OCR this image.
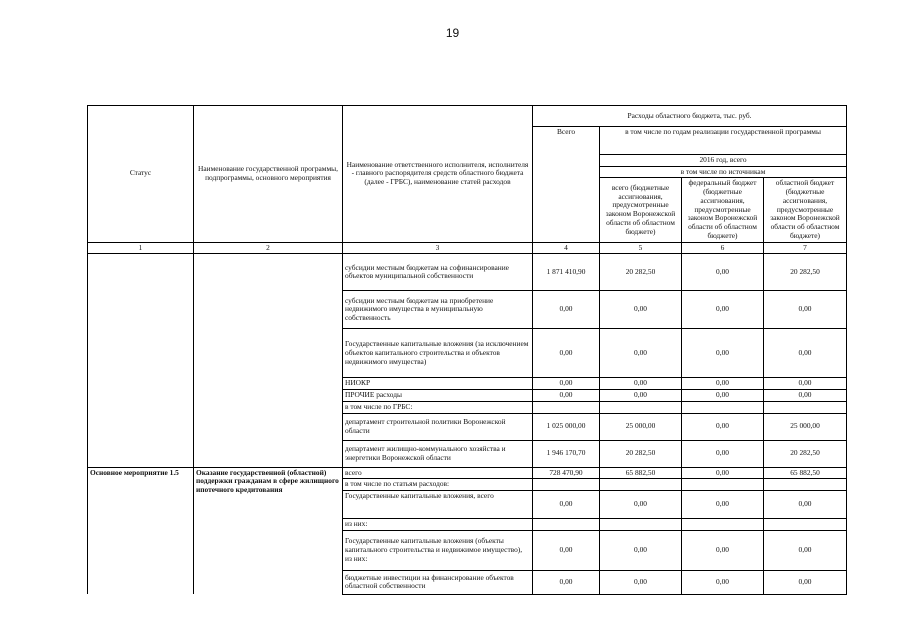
19
Статус	Наименование государственной программы, подпрограммы, основного мероприятия	Наименование ответственного исполнителя, исполнителя - главного распорядителя средств областного бюджета (далее - ГРБС), наименование статей расходов	Расходы областного бюджета, тыс. руб.			
			Всего	в том числе по годам реализации государственной программы		
				2016 год, всего		
				в том числе по источникам		
				всего (бюджетные ассигнования, предусмотренные законом Воронежской области об областном бюджете)	федеральный бюджет (бюджетные ассигнования, предусмотренные законом Воронежской области об областном бюджете)	областной бюджет (бюджетные ассигнования, предусмотренные законом Воронежской области об областном бюджете)
1	2	3	4	5	6	7
		субсидии местным бюджетам на софинансирование объектов муниципальной собственности	1 871 410,90	20 282,50	0,00	20 282,50
		субсидии местным бюджетам на приобретение недвижимого имущества в муниципальную собственность	0,00	0,00	0,00	0,00
		Государственные капитальные вложения (за исключением объектов капитального строительства и объектов недвижимого имущества)	0,00	0,00	0,00	0,00
		НИОКР	0,00	0,00	0,00	0,00
		ПРОЧИЕ расходы	0,00	0,00	0,00	0,00
		в том числе по ГРБС:				
		департамент строительной политики Воронежской области	1 025 000,00	25 000,00	0,00	25 000,00
		департамент жилищно-коммунального хозяйства и энергетики Воронежской области	1 946 170,70	20 282,50	0,00	20 282,50
Основное мероприятие 1.5	Оказание государственной (областной) поддержки гражданам в сфере жилищного ипотечного кредитования	всего	728 470,90	65 882,50	0,00	65 882,50
		в том числе по статьям расходов:				
		Государственные капитальные вложения, всего	0,00	0,00	0,00	0,00
		из них:				
		Государственные капитальные вложения (объекты капитального строительства и недвижимое имущество), из них:	0,00	0,00	0,00	0,00
		бюджетные инвестиции на финансирование объектов областной собственности	0,00	0,00	0,00	0,00
